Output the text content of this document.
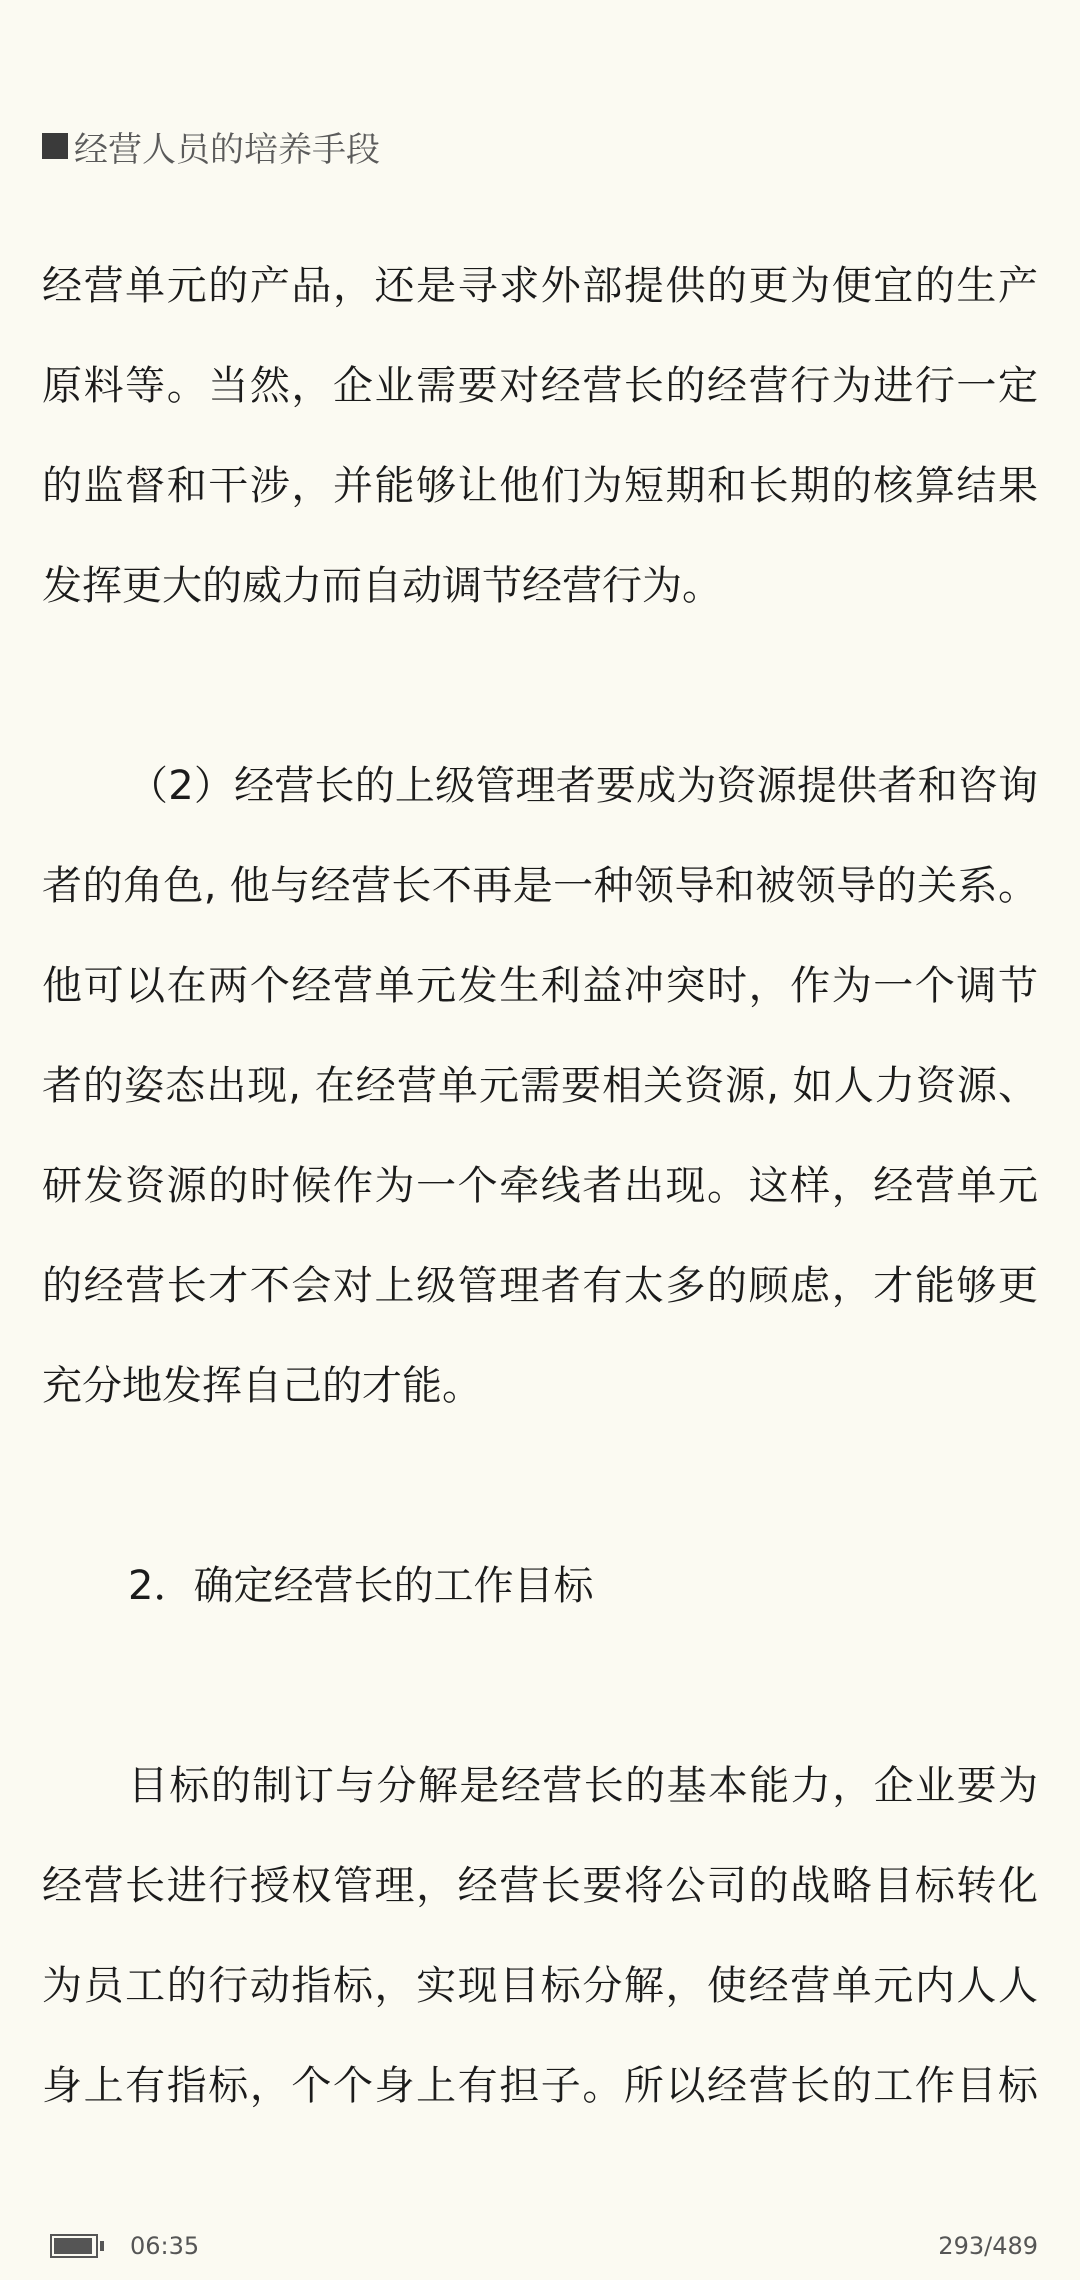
经营人员的培养手段
经营单元的产品，还是寻求外部提供的更为便宜的生产
原料等。当然，企业需要对经营长的经营行为进行一定
的监督和干涉，并能够让他们为短期和长期的核算结果
发挥更大的威力而自动调节经营行为。
（2）经营长的上级管理者要成为资源提供者和咨询
者的角色, 他与经营长不再是一种领导和被领导的关系。
他可以在两个经营单元发生利益冲突时，作为一个调节
者的姿态出现, 在经营单元需要相关资源, 如人力资源、
研发资源的时候作为一个牵线者出现。这样，经营单元
的经营长才不会对上级管理者有太多的顾虑，才能够更
充分地发挥自己的才能。
2．确定经营长的工作目标
目标的制订与分解是经营长的基本能力，企业要为
经营长进行授权管理，经营长要将公司的战略目标转化
为员工的行动指标，实现目标分解，使经营单元内人人
身上有指标，个个身上有担子。所以经营长的工作目标
06:35	293/489
